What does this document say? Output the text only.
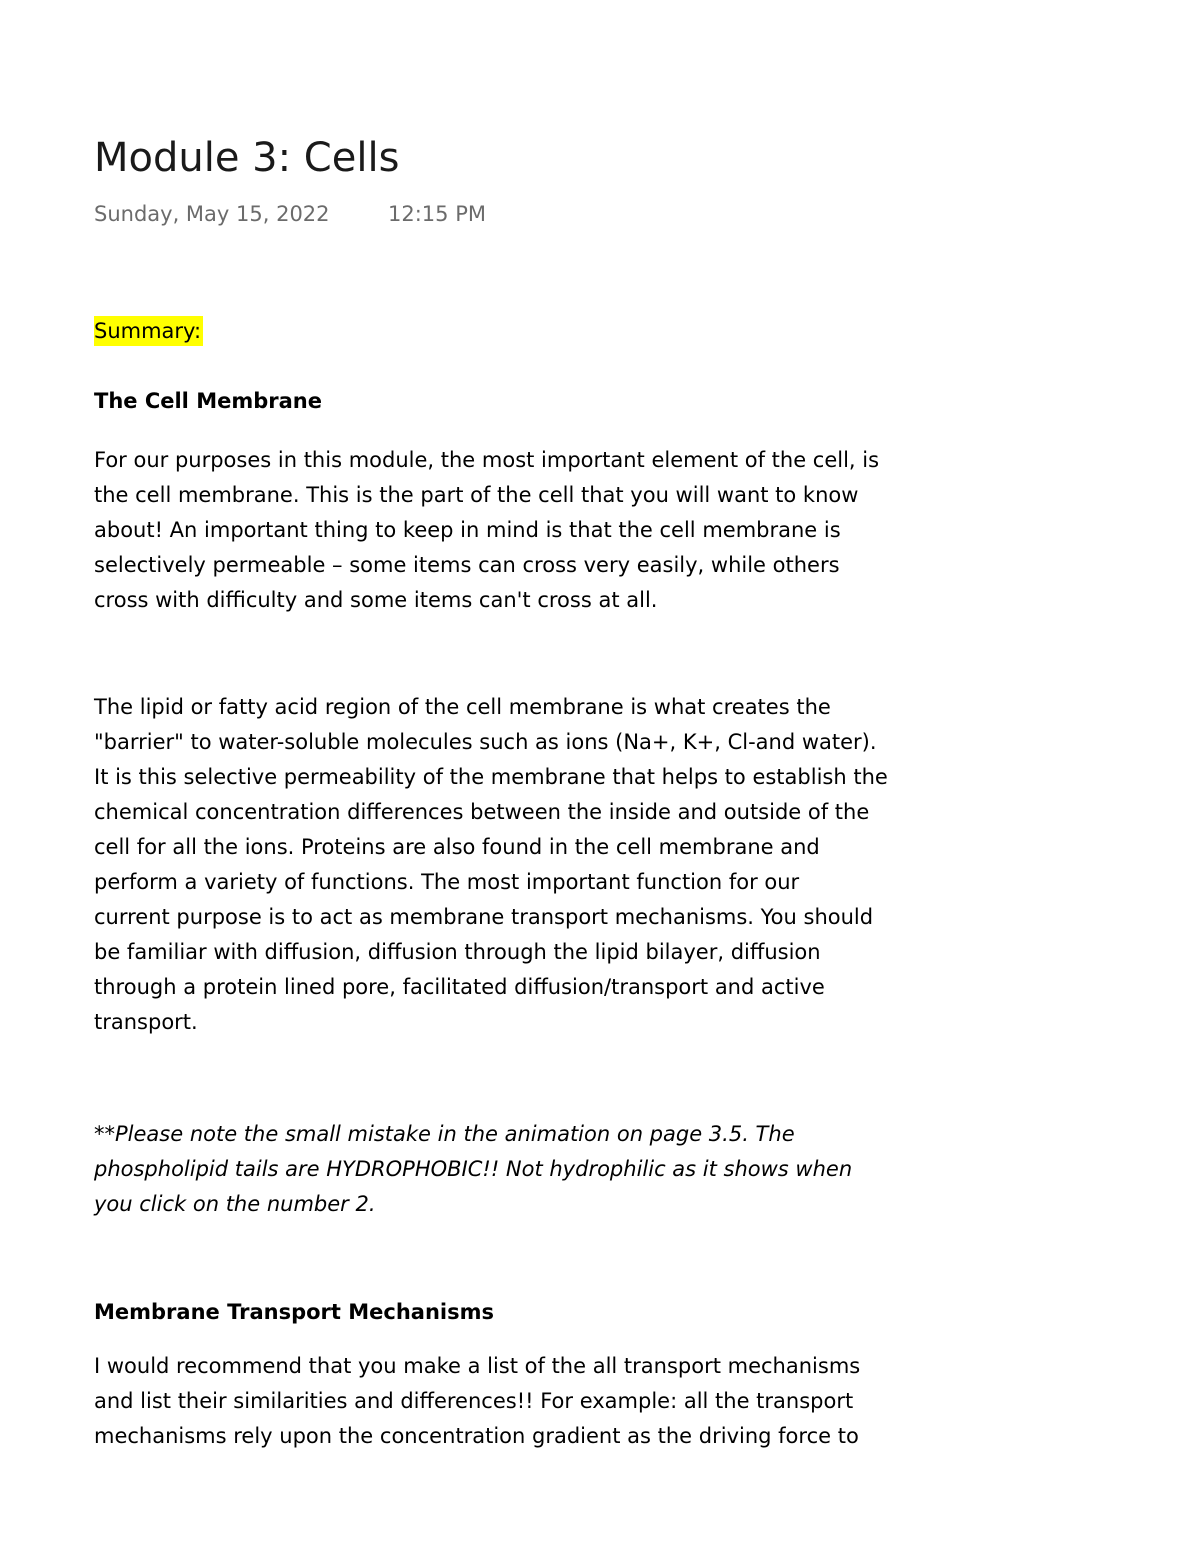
Module 3: Cells
Sunday, May 15, 2022	12:15 PM
Summary:
The Cell Membrane

For our purposes in this module, the most important element of the cell, is
the cell membrane. This is the part of the cell that you will want to know
about! An important thing to keep in mind is that the cell membrane is
selectively permeable – some items can cross very easily, while others
cross with difficulty and some items can't cross at all.

The lipid or fatty acid region of the cell membrane is what creates the
"barrier" to water-soluble molecules such as ions (Na+, K+, Cl-and water).
It is this selective permeability of the membrane that helps to establish the
chemical concentration differences between the inside and outside of the
cell for all the ions. Proteins are also found in the cell membrane and
perform a variety of functions. The most important function for our
current purpose is to act as membrane transport mechanisms. You should
be familiar with diffusion, diffusion through the lipid bilayer, diffusion
through a protein lined pore, facilitated diffusion/transport and active
transport.

**Please note the small mistake in the animation on page 3.5. The
phospholipid tails are HYDROPHOBIC!! Not hydrophilic as it shows when
you click on the number 2.

Membrane Transport Mechanisms

I would recommend that you make a list of the all transport mechanisms
and list their similarities and differences!! For example: all the transport
mechanisms rely upon the concentration gradient as the driving force to
